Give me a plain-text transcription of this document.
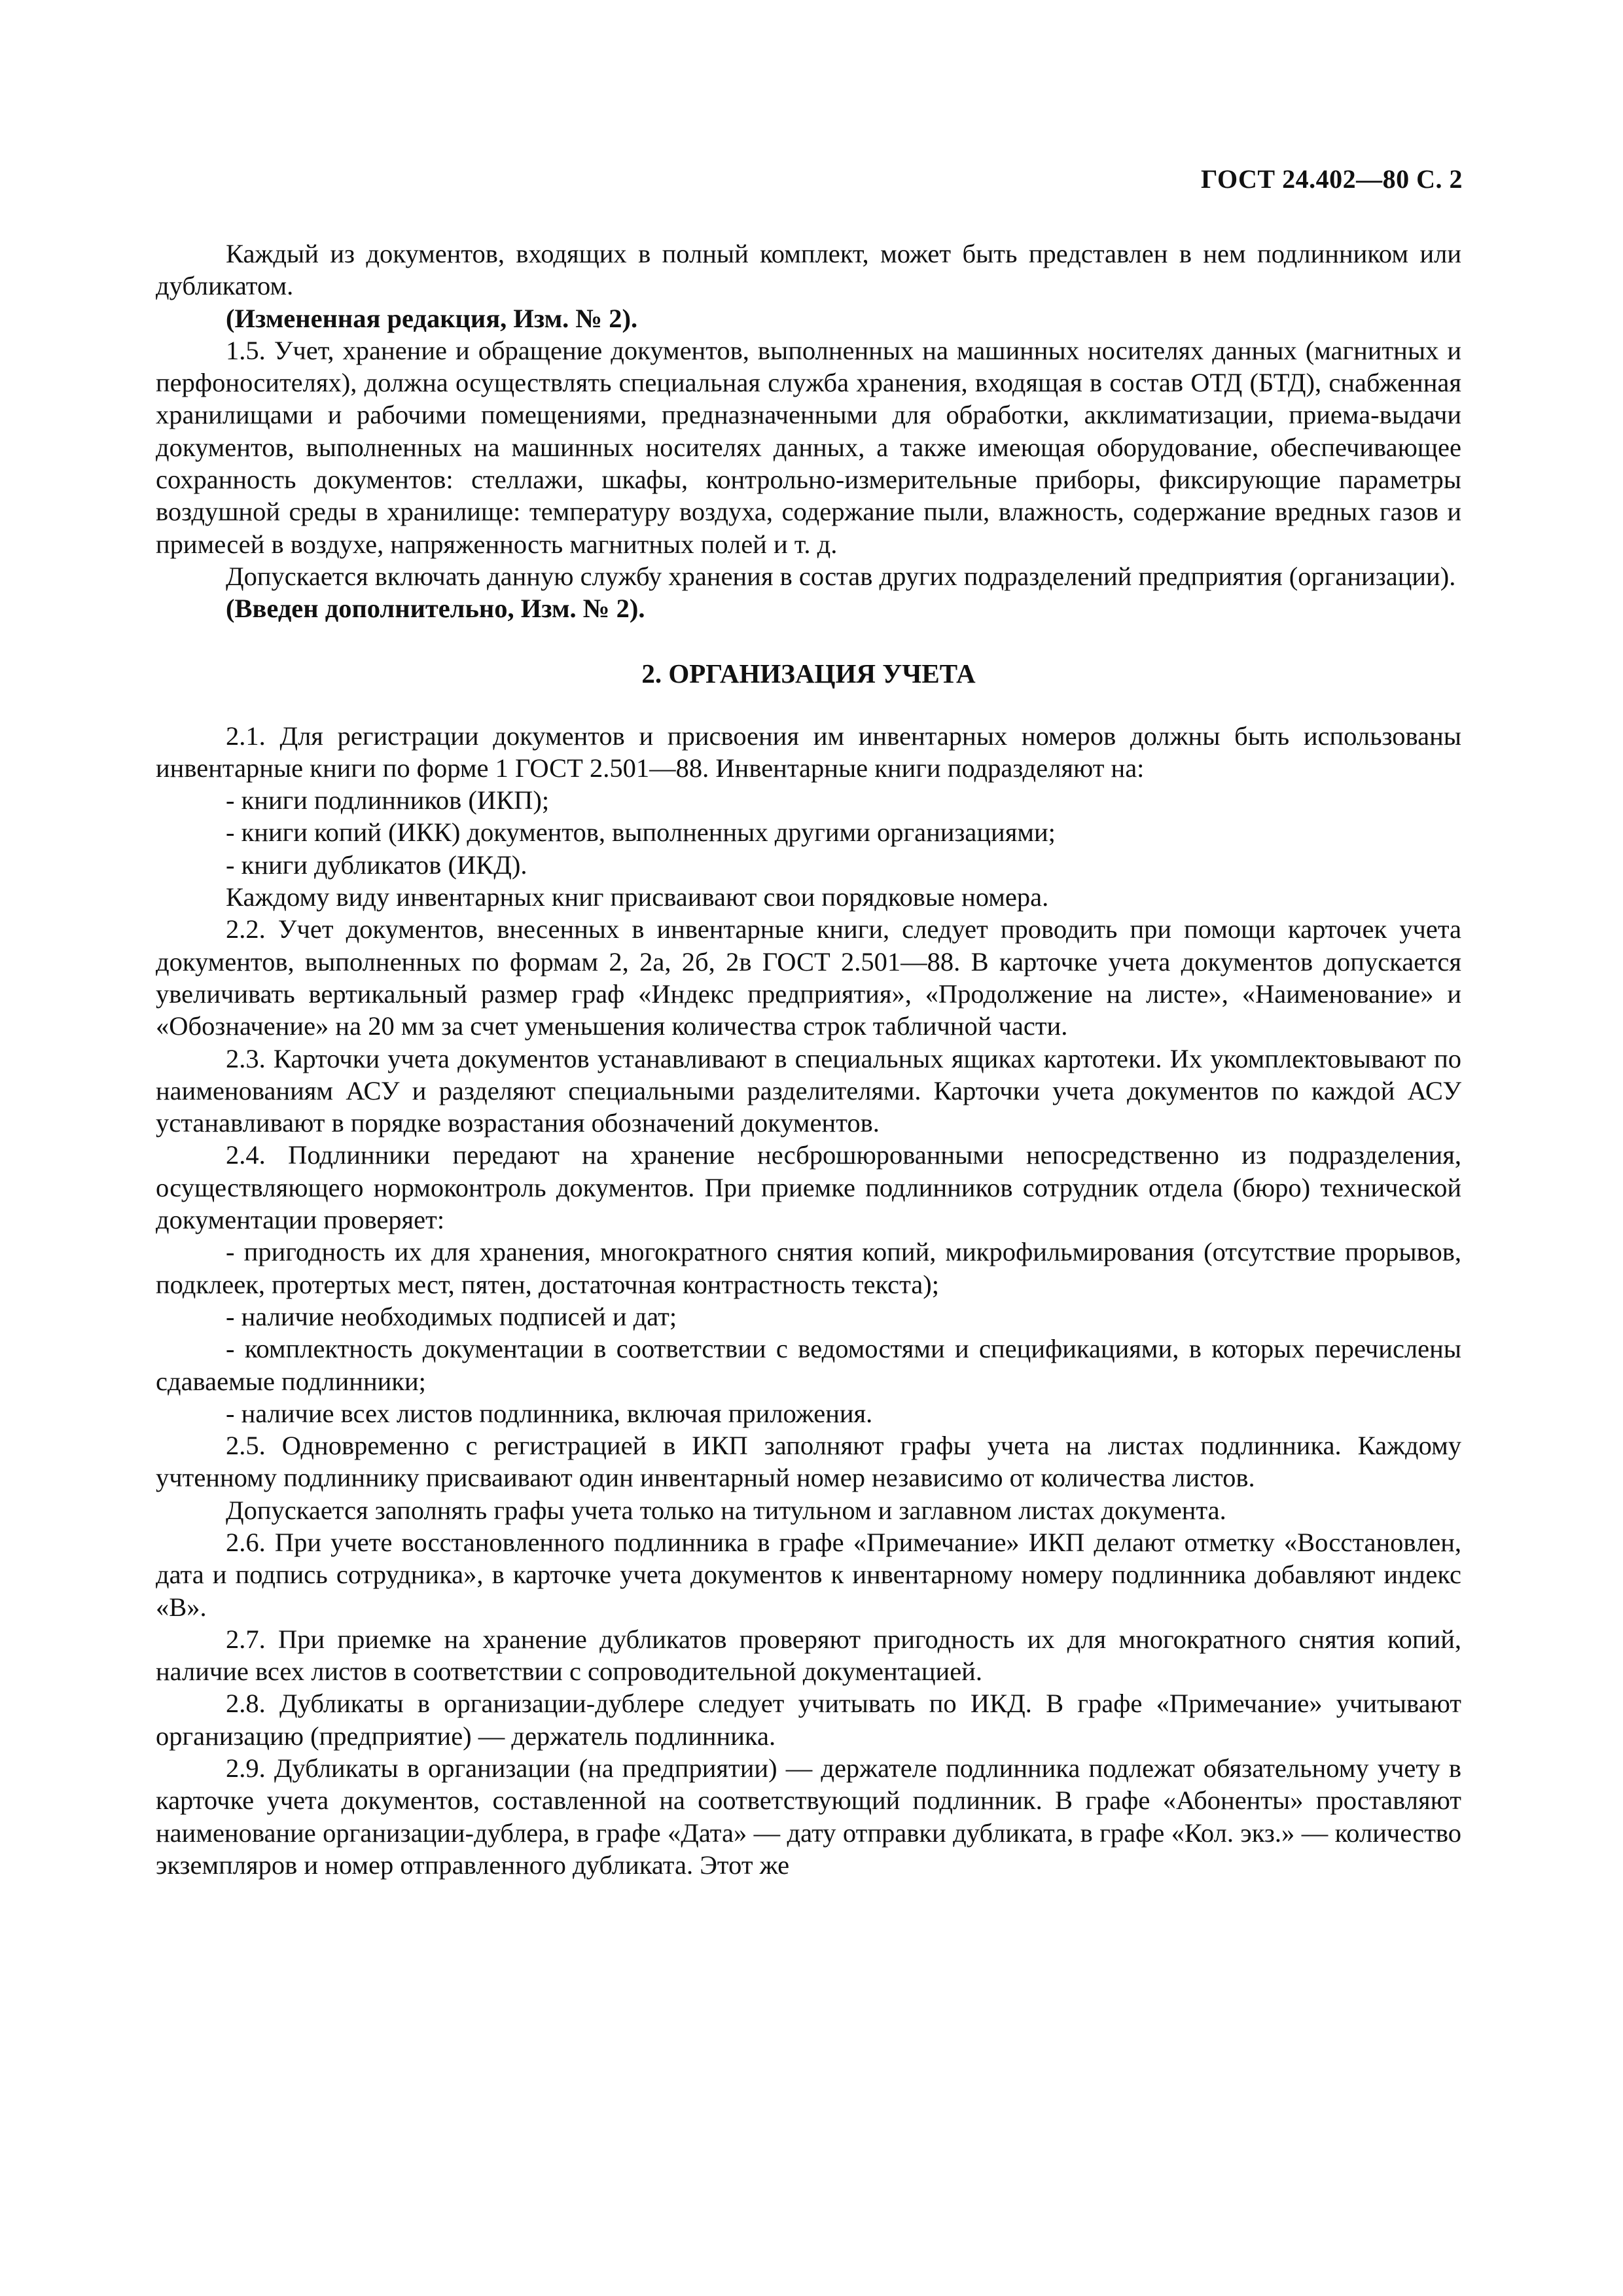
ГОСТ 24.402—80 С. 2

Каждый из документов, входящих в полный комплект, может быть представлен в нем подлинником или дубликатом.

(Измененная редакция, Изм. № 2).

1.5. Учет, хранение и обращение документов, выполненных на машинных носителях данных (магнитных и перфоносителях), должна осуществлять специальная служба хранения, входящая в состав ОТД (БТД), снабженная хранилищами и рабочими помещениями, предназначенными для обработки, акклиматизации, приема-выдачи документов, выполненных на машинных носителях данных, а также имеющая оборудование, обеспечивающее сохранность документов: стеллажи, шкафы, контрольно-измерительные приборы, фиксирующие параметры воздушной среды в хранилище: температуру воздуха, содержание пыли, влажность, содержание вредных газов и примесей в воздухе, напряженность магнитных полей и т. д.

Допускается включать данную службу хранения в состав других подразделений предприятия (организации).

(Введен дополнительно, Изм. № 2).

2. ОРГАНИЗАЦИЯ УЧЕТА

2.1. Для регистрации документов и присвоения им инвентарных номеров должны быть использованы инвентарные книги по форме 1 ГОСТ 2.501—88. Инвентарные книги подразделяют на:

- книги подлинников (ИКП);

- книги копий (ИКК) документов, выполненных другими организациями;

- книги дубликатов (ИКД).

Каждому виду инвентарных книг присваивают свои порядковые номера.

2.2. Учет документов, внесенных в инвентарные книги, следует проводить при помощи карточек учета документов, выполненных по формам 2, 2а, 2б, 2в ГОСТ 2.501—88. В карточке учета документов допускается увеличивать вертикальный размер граф «Индекс предприятия», «Продолжение на листе», «Наименование» и «Обозначение» на 20 мм за счет уменьшения количества строк табличной части.

2.3. Карточки учета документов устанавливают в специальных ящиках картотеки. Их укомплектовывают по наименованиям АСУ и разделяют специальными разделителями. Карточки учета документов по каждой АСУ устанавливают в порядке возрастания обозначений документов.

2.4. Подлинники передают на хранение несброшюрованными непосредственно из подразделения, осуществляющего нормоконтроль документов. При приемке подлинников сотрудник отдела (бюро) технической документации проверяет:

- пригодность их для хранения, многократного снятия копий, микрофильмирования (отсутствие прорывов, подклеек, протертых мест, пятен, достаточная контрастность текста);

- наличие необходимых подписей и дат;

- комплектность документации в соответствии с ведомостями и спецификациями, в которых перечислены сдаваемые подлинники;

- наличие всех листов подлинника, включая приложения.

2.5. Одновременно с регистрацией в ИКП заполняют графы учета на листах подлинника. Каждому учтенному подлиннику присваивают один инвентарный номер независимо от количества листов.

Допускается заполнять графы учета только на титульном и заглавном листах документа.

2.6. При учете восстановленного подлинника в графе «Примечание» ИКП делают отметку «Восстановлен, дата и подпись сотрудника», в карточке учета документов к инвентарному номеру подлинника добавляют индекс «В».

2.7. При приемке на хранение дубликатов проверяют пригодность их для многократного снятия копий, наличие всех листов в соответствии с сопроводительной документацией.

2.8. Дубликаты в организации-дублере следует учитывать по ИКД. В графе «Примечание» учитывают организацию (предприятие) — держатель подлинника.

2.9. Дубликаты в организации (на предприятии) — держателе подлинника подлежат обязательному учету в карточке учета документов, составленной на соответствующий подлинник. В графе «Абоненты» проставляют наименование организации-дублера, в графе «Дата» — дату отправки дубликата, в графе «Кол. экз.» — количество экземпляров и номер отправленного дубликата. Этот же
